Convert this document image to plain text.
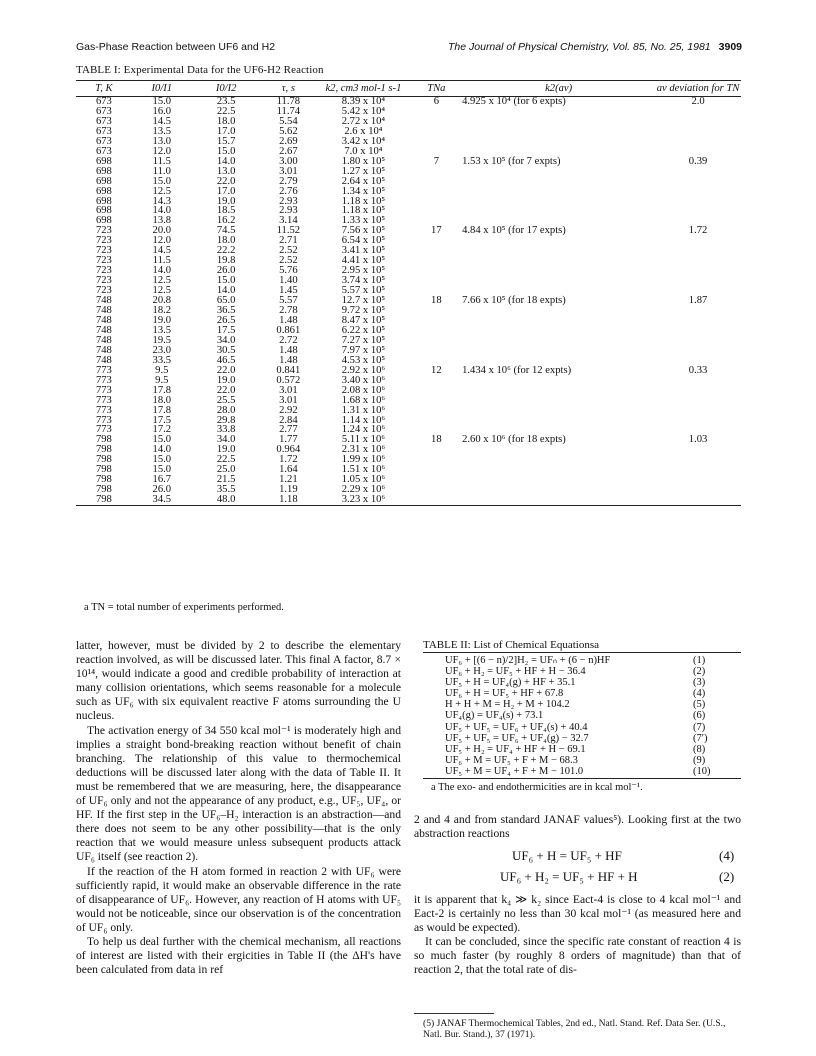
Gas-Phase Reaction between UF6 and H2	The Journal of Physical Chemistry, Vol. 85, No. 25, 1981 3909
TABLE I: Experimental Data for the UF6-H2 Reaction

T, K	I0/I1	I0/I2	τ, s	k2, cm3 mol-1 s-1	TNa	k2(av)	av deviation for TN
673	15.0	23.5	11.78	8.39 x 10⁴	6	4.925 x 10⁴ (for 6 expts)	2.0
673	16.0	22.5	11.74	5.42 x 10⁴			
673	14.5	18.0	5.54	2.72 x 10⁴			
673	13.5	17.0	5.62	2.6 x 10⁴			
673	13.0	15.7	2.69	3.42 x 10⁴			
673	12.0	15.0	2.67	7.0 x 10⁴			
698	11.5	14.0	3.00	1.80 x 10⁵	7	1.53 x 10⁵ (for 7 expts)	0.39
698	11.0	13.0	3.01	1.27 x 10⁵			
698	15.0	22.0	2.79	2.64 x 10⁵			
698	12.5	17.0	2.76	1.34 x 10⁵			
698	14.3	19.0	2.93	1.18 x 10⁵			
698	14.0	18.5	2.93	1.18 x 10⁵			
698	13.8	16.2	3.14	1.33 x 10⁵			
723	20.0	74.5	11.52	7.56 x 10⁵	17	4.84 x 10⁵ (for 17 expts)	1.72
723	12.0	18.0	2.71	6.54 x 10⁵			
723	14.5	22.2	2.52	3.41 x 10⁵			
723	11.5	19.8	2.52	4.41 x 10⁵			
723	14.0	26.0	5.76	2.95 x 10⁵			
723	12.5	15.0	1.40	3.74 x 10⁵			
723	12.5	14.0	1.45	5.57 x 10⁵			
748	20.8	65.0	5.57	12.7 x 10⁵	18	7.66 x 10⁵ (for 18 expts)	1.87
748	18.2	36.5	2.78	9.72 x 10⁵			
748	19.0	26.5	1.48	8.47 x 10⁵			
748	13.5	17.5	0.861	6.22 x 10⁵			
748	19.5	34.0	2.72	7.27 x 10⁵			
748	23.0	30.5	1.48	7.97 x 10⁵			
748	33.5	46.5	1.48	4.53 x 10⁵			
773	9.5	22.0	0.841	2.92 x 10⁶	12	1.434 x 10⁶ (for 12 expts)	0.33
773	9.5	19.0	0.572	3.40 x 10⁶			
773	17.8	22.0	3.01	2.08 x 10⁶			
773	18.0	25.5	3.01	1.68 x 10⁶			
773	17.8	28.0	2.92	1.31 x 10⁶			
773	17.5	29.8	2.84	1.14 x 10⁶			
773	17.2	33.8	2.77	1.24 x 10⁶			
798	15.0	34.0	1.77	5.11 x 10⁶	18	2.60 x 10⁶ (for 18 expts)	1.03
798	14.0	19.0	0.964	2.31 x 10⁶			
798	15.0	22.5	1.72	1.99 x 10⁶			
798	15.0	25.0	1.64	1.51 x 10⁶			
798	16.7	21.5	1.21	1.05 x 10⁶			
798	26.0	35.5	1.19	2.29 x 10⁶			
798	34.5	48.0	1.18	3.23 x 10⁶			
a TN = total number of experiments performed.

latter, however, must be divided by 2 to describe the elementary reaction involved, as will be discussed later. This final A factor, 8.7 × 10¹⁴, would indicate a good and credible probability of interaction at many collision orientations, which seems reasonable for a molecule such as UF₆ with six equivalent reactive F atoms surrounding the U nucleus.

The activation energy of 34 550 kcal mol⁻¹ is moderately high and implies a straight bond-breaking reaction without benefit of chain branching. The relationship of this value to thermochemical deductions will be discussed later along with the data of Table II. It must be remembered that we are measuring, here, the disappearance of UF₆ only and not the appearance of any product, e.g., UF₅, UF₄, or HF. If the first step in the UF₆–H₂ interaction is an abstraction—and there does not seem to be any other possibility—that is the only reaction that we would measure unless subsequent products attack UF₆ itself (see reaction 2).

If the reaction of the H atom formed in reaction 2 with UF₆ were sufficiently rapid, it would make an observable difference in the rate of disappearance of UF₆. However, any reaction of H atoms with UF₅ would not be noticeable, since our observation is of the concentration of UF₆ only.

To help us deal further with the chemical mechanism, all reactions of interest are listed with their ergicities in Table II (the ΔH's have been calculated from data in ref

TABLE II: List of Chemical Equationsa
UF₆ + [(6 − n)/2]H₂ = UFₙ + (6 − n)HF	(1)
UF₆ + H₂ = UF₅ + HF + H − 36.4	(2)
UF₅ + H = UF₄(g) + HF + 35.1	(3)
UF₆ + H = UF₅ + HF + 67.8	(4)
H + H + M = H₂ + M + 104.2	(5)
UF₄(g) = UF₄(s) + 73.1	(6)
UF₅ + UF₅ = UF₆ + UF₄(s) + 40.4	(7)
UF₅ + UF₅ = UF₆ + UF₄(g) − 32.7	(7′)
UF₅ + H₂ = UF₄ + HF + H − 69.1	(8)
UF₆ + M = UF₅ + F + M − 68.3	(9)
UF₅ + M = UF₄ + F + M − 101.0	(10)
a The exo- and endothermicities are in kcal mol⁻¹.

2 and 4 and from standard JANAF values⁵). Looking first at the two abstraction reactions

UF₆ + H = UF₅ + HF	(4)
UF₆ + H₂ = UF₅ + HF + H	(2)

it is apparent that k₄ ≫ k₂ since Eact-4 is close to 4 kcal mol⁻¹ and Eact-2 is certainly no less than 30 kcal mol⁻¹ (as measured here and as would be expected).

It can be concluded, since the specific rate constant of reaction 4 is so much faster (by roughly 8 orders of magnitude) than that of reaction 2, that the total rate of dis-

(5) JANAF Thermochemical Tables, 2nd ed., Natl. Stand. Ref. Data Ser. (U.S., Natl. Bur. Stand.), 37 (1971).
